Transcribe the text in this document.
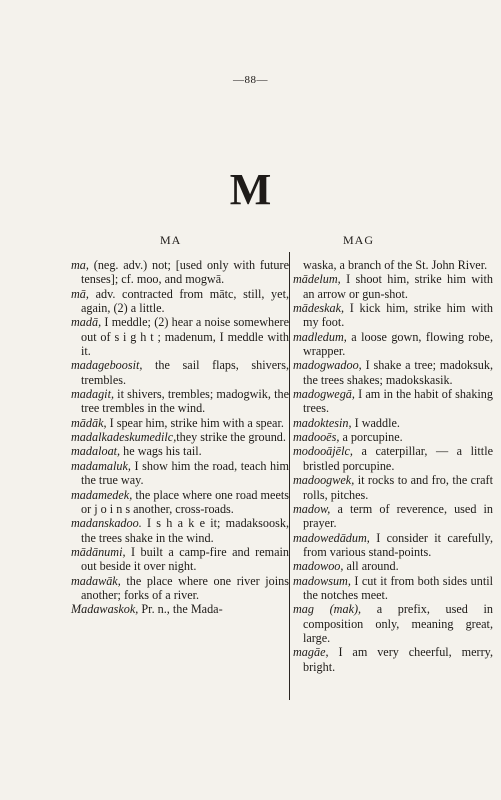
—88—
M
MA	MAG
ma, (neg. adv.) not; [used only with future tenses]; cf. moo, and mogwā.
mā, adv. contracted from mātc, still, yet, again, (2) a little.
madā, I meddle; (2) hear a noise somewhere out of s i g h t ; madenum, I meddle with it.
madageboosit, the sail flaps, shivers, trembles.
madagit, it shivers, trembles; madogwik, the tree trembles in the wind.
mādāk, I spear him, strike him with a spear.
madalkadeskumedilc,they strike the ground.
madaloat, he wags his tail.
madamaluk, I show him the road, teach him the true way.
madamedek, the place where one road meets or j o i n s another, cross-roads.
madanskadoo. I s h a k e it; madaksoosk, the trees shake in the wind.
mādānumi, I built a camp-fire and remain out beside it over night.
madawāk, the place where one river joins another; forks of a river.
Madawaskok, Pr. n., the Mada-
waska, a branch of the St. John River.
mādelum, I shoot him, strike him with an arrow or gun-shot.
mādeskak, I kick him, strike him with my foot.
madledum, a loose gown, flowing robe, wrapper.
madogwadoo, I shake a tree; madoksuk, the trees shakes; madokskasik.
madogwegā, I am in the habit of shaking trees.
madoktesin, I waddle.
madooēs, a porcupine.
modooājēlc, a caterpillar, — a little bristled porcupine.
madoogwek, it rocks to and fro, the craft rolls, pitches.
madow, a term of reverence, used in prayer.
madowedādum, I consider it carefully, from various stand-points.
madowoo, all around.
madowsum, I cut it from both sides until the notches meet.
mag (mak), a prefix, used in composition only, meaning great, large.
magāe, I am very cheerful, merry, bright.
